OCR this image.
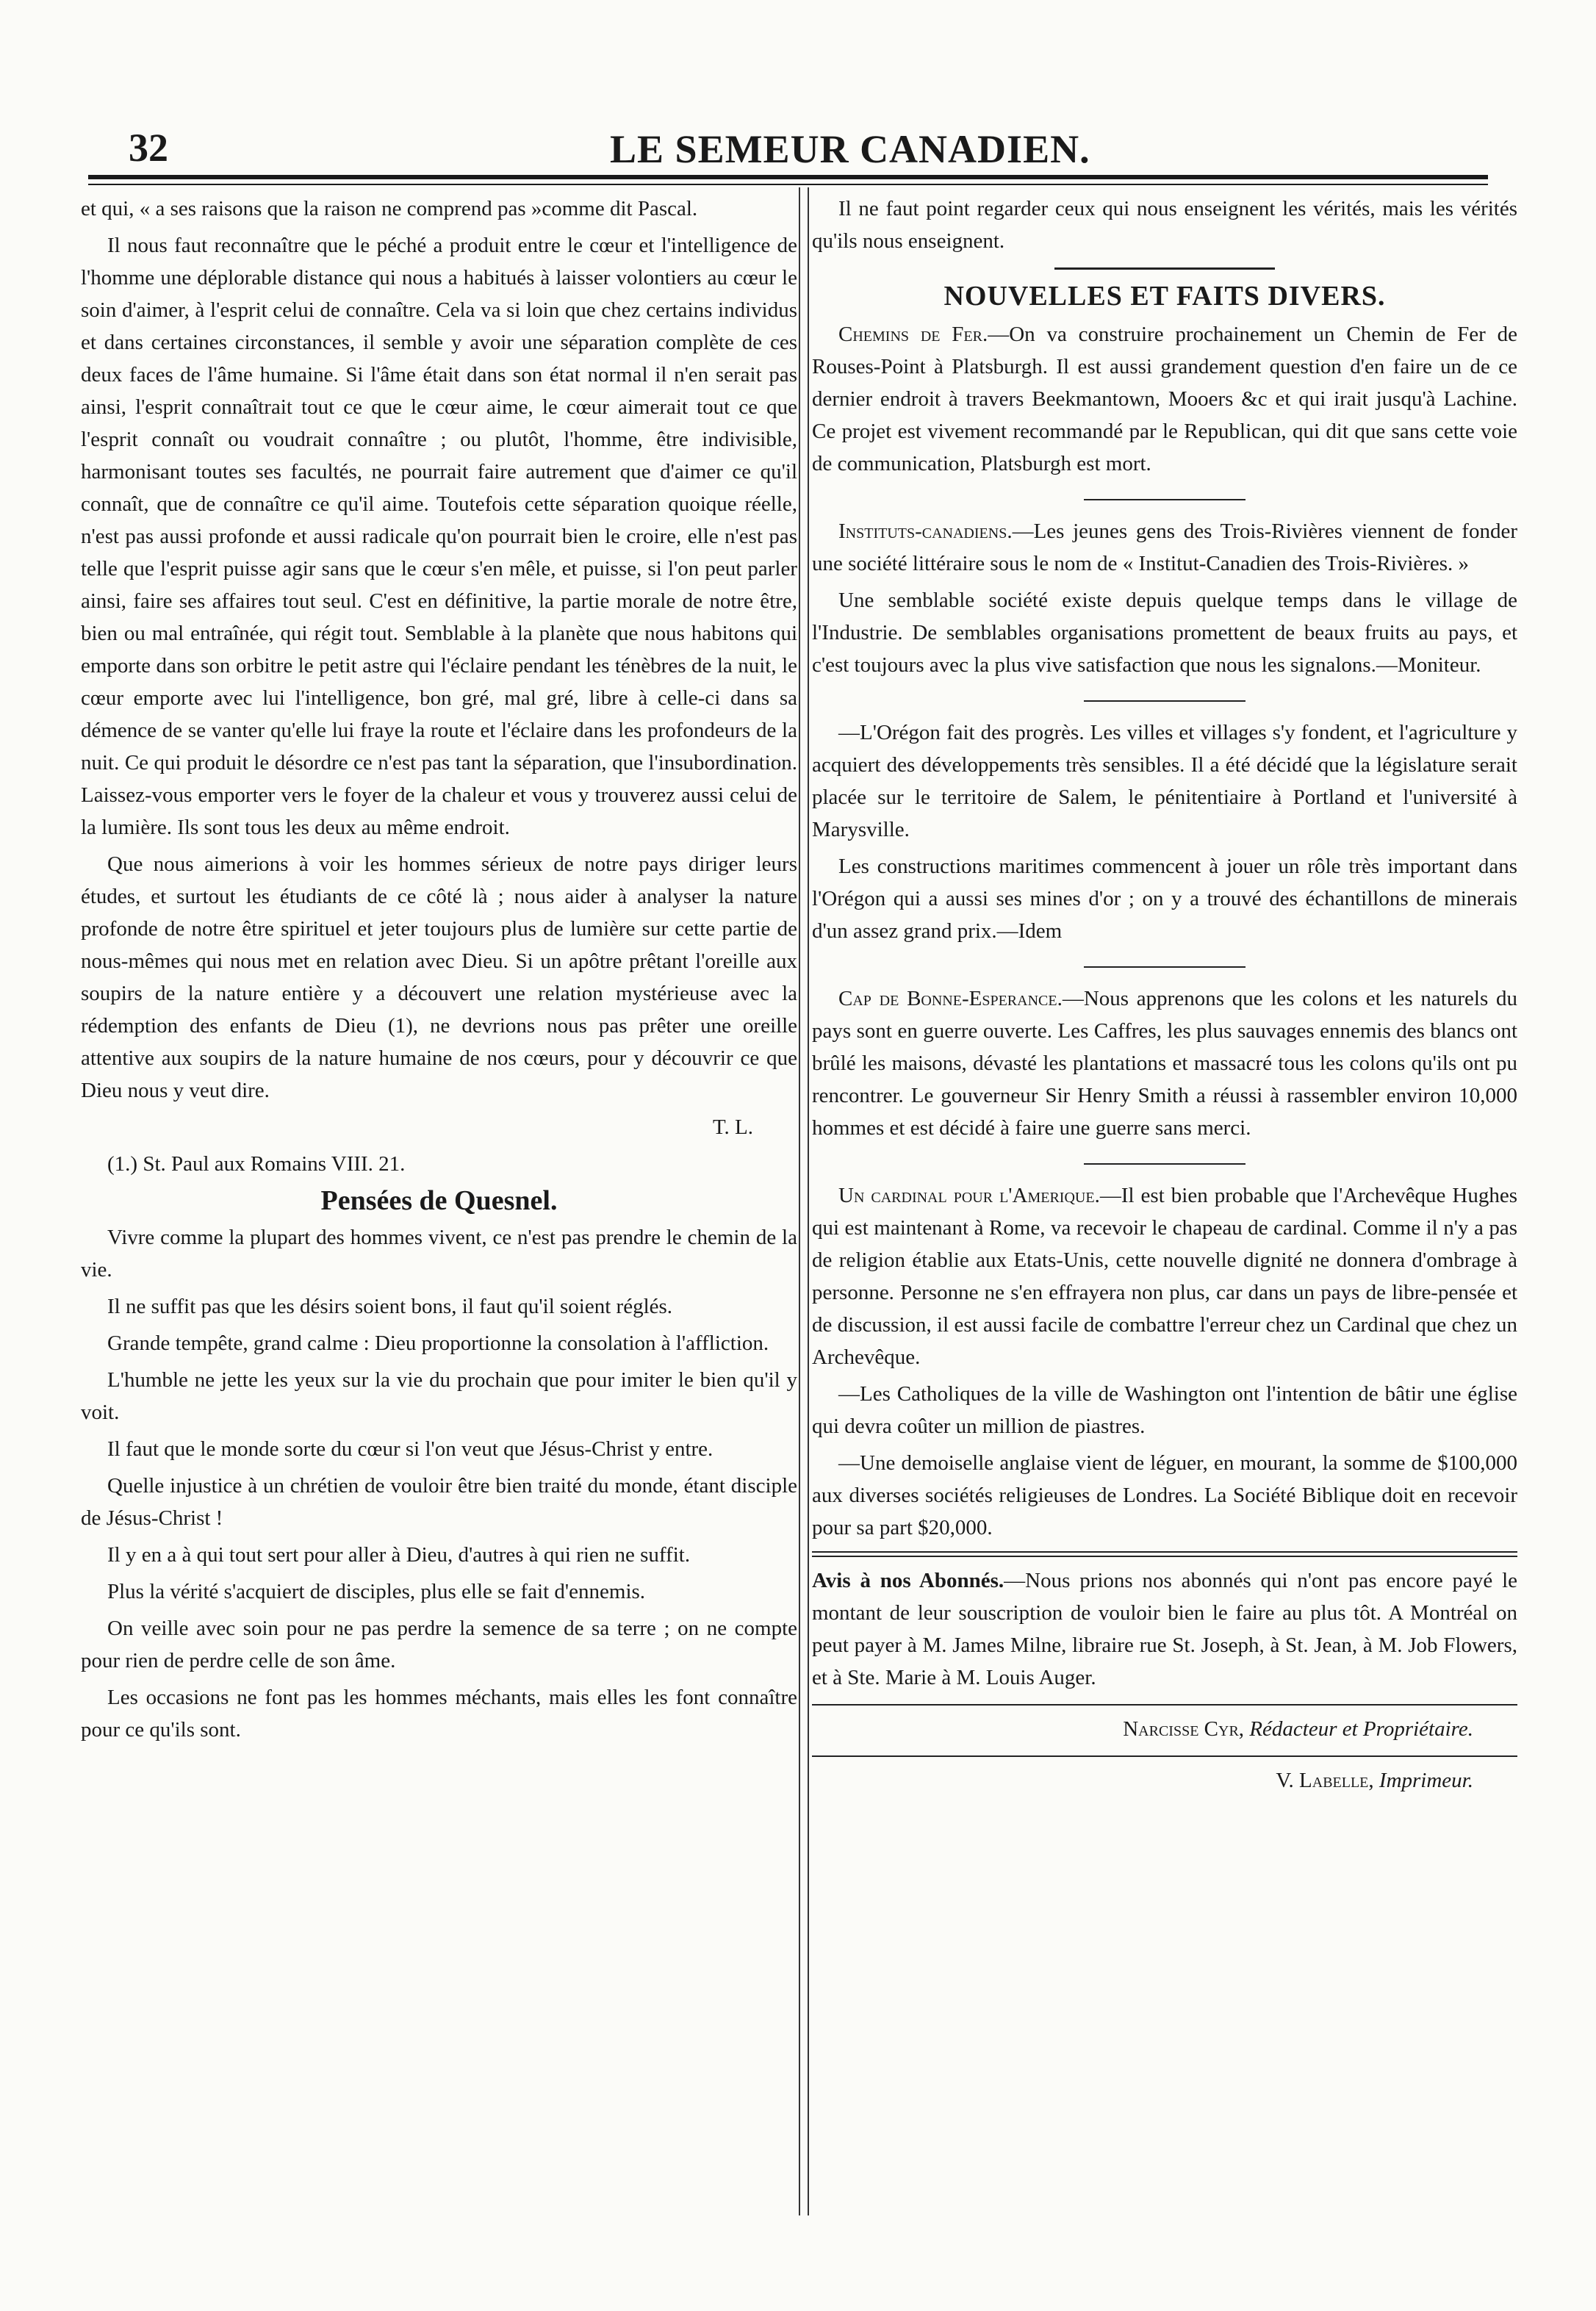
32	LE SEMEUR CANADIEN.

et qui, « a ses raisons que la raison ne comprend pas »comme dit Pascal.

Il nous faut reconnaître que le péché a produit entre le cœur et l'intelligence de l'homme une déplorable distance qui nous a habitués à laisser volontiers au cœur le soin d'aimer, à l'esprit celui de connaître. Cela va si loin que chez certains individus et dans certaines circonstances, il semble y avoir une séparation complète de ces deux faces de l'âme humaine. Si l'âme était dans son état normal il n'en serait pas ainsi, l'esprit connaîtrait tout ce que le cœur aime, le cœur aimerait tout ce que l'esprit connaît ou voudrait connaître ; ou plutôt, l'homme, être indivisible, harmonisant toutes ses facultés, ne pourrait faire autrement que d'aimer ce qu'il connaît, que de connaître ce qu'il aime. Toutefois cette séparation quoique réelle, n'est pas aussi profonde et aussi radicale qu'on pourrait bien le croire, elle n'est pas telle que l'esprit puisse agir sans que le cœur s'en mêle, et puisse, si l'on peut parler ainsi, faire ses affaires tout seul. C'est en définitive, la partie morale de notre être, bien ou mal entraînée, qui régit tout. Semblable à la planète que nous habitons qui emporte dans son orbitre le petit astre qui l'éclaire pendant les ténèbres de la nuit, le cœur emporte avec lui l'intelligence, bon gré, mal gré, libre à celle-ci dans sa démence de se vanter qu'elle lui fraye la route et l'éclaire dans les profondeurs de la nuit. Ce qui produit le désordre ce n'est pas tant la séparation, que l'insubordination. Laissez-vous emporter vers le foyer de la chaleur et vous y trouverez aussi celui de la lumière. Ils sont tous les deux au même endroit.

Que nous aimerions à voir les hommes sérieux de notre pays diriger leurs études, et surtout les étudiants de ce côté là ; nous aider à analyser la nature profonde de notre être spirituel et jeter toujours plus de lumière sur cette partie de nous-mêmes qui nous met en relation avec Dieu. Si un apôtre prêtant l'oreille aux soupirs de la nature entière y a découvert une relation mystérieuse avec la rédemption des enfants de Dieu (1), ne devrions nous pas prêter une oreille attentive aux soupirs de la nature humaine de nos cœurs, pour y découvrir ce que Dieu nous y veut dire.

T. L.

(1.) St. Paul aux Romains VIII. 21.

Pensées de Quesnel.

Vivre comme la plupart des hommes vivent, ce n'est pas prendre le chemin de la vie.

Il ne suffit pas que les désirs soient bons, il faut qu'il soient réglés.

Grande tempête, grand calme : Dieu proportionne la consolation à l'affliction.

L'humble ne jette les yeux sur la vie du prochain que pour imiter le bien qu'il y voit.

Il faut que le monde sorte du cœur si l'on veut que Jésus-Christ y entre.

Quelle injustice à un chrétien de vouloir être bien traité du monde, étant disciple de Jésus-Christ !

Il y en a à qui tout sert pour aller à Dieu, d'autres à qui rien ne suffit.

Plus la vérité s'acquiert de disciples, plus elle se fait d'ennemis.

On veille avec soin pour ne pas perdre la semence de sa terre ; on ne compte pour rien de perdre celle de son âme.

Les occasions ne font pas les hommes méchants, mais elles les font connaître pour ce qu'ils sont.

Il ne faut point regarder ceux qui nous enseignent les vérités, mais les vérités qu'ils nous enseignent.

NOUVELLES ET FAITS DIVERS.

Chemins de Fer.—On va construire prochainement un Chemin de Fer de Rouses-Point à Platsburgh. Il est aussi grandement question d'en faire un de ce dernier endroit à travers Beekmantown, Mooers &c et qui irait jusqu'à Lachine. Ce projet est vivement recommandé par le Republican, qui dit que sans cette voie de communication, Platsburgh est mort.

Instituts-canadiens.—Les jeunes gens des Trois-Rivières viennent de fonder une société littéraire sous le nom de « Institut-Canadien des Trois-Rivières. »

Une semblable société existe depuis quelque temps dans le village de l'Industrie. De semblables organisations promettent de beaux fruits au pays, et c'est toujours avec la plus vive satisfaction que nous les signalons.—Moniteur.

—L'Orégon fait des progrès. Les villes et villages s'y fondent, et l'agriculture y acquiert des développements très sensibles. Il a été décidé que la législature serait placée sur le territoire de Salem, le pénitentiaire à Portland et l'université à Marysville.

Les constructions maritimes commencent à jouer un rôle très important dans l'Orégon qui a aussi ses mines d'or ; on y a trouvé des échantillons de minerais d'un assez grand prix.—Idem

Cap de Bonne-Esperance.—Nous apprenons que les colons et les naturels du pays sont en guerre ouverte. Les Caffres, les plus sauvages ennemis des blancs ont brûlé les maisons, dévasté les plantations et massacré tous les colons qu'ils ont pu rencontrer. Le gouverneur Sir Henry Smith a réussi à rassembler environ 10,000 hommes et est décidé à faire une guerre sans merci.

Un cardinal pour l'Amerique.—Il est bien probable que l'Archevêque Hughes qui est maintenant à Rome, va recevoir le chapeau de cardinal. Comme il n'y a pas de religion établie aux Etats-Unis, cette nouvelle dignité ne donnera d'ombrage à personne. Personne ne s'en effrayera non plus, car dans un pays de libre-pensée et de discussion, il est aussi facile de combattre l'erreur chez un Cardinal que chez un Archevêque.

—Les Catholiques de la ville de Washington ont l'intention de bâtir une église qui devra coûter un million de piastres.

—Une demoiselle anglaise vient de léguer, en mourant, la somme de $100,000 aux diverses sociétés religieuses de Londres. La Société Biblique doit en recevoir pour sa part $20,000.

Avis à nos Abonnés.—Nous prions nos abonnés qui n'ont pas encore payé le montant de leur souscription de vouloir bien le faire au plus tôt. A Montréal on peut payer à M. James Milne, libraire rue St. Joseph, à St. Jean, à M. Job Flowers, et à Ste. Marie à M. Louis Auger.

Narcisse Cyr, Rédacteur et Propriétaire.

V. Labelle, Imprimeur.
